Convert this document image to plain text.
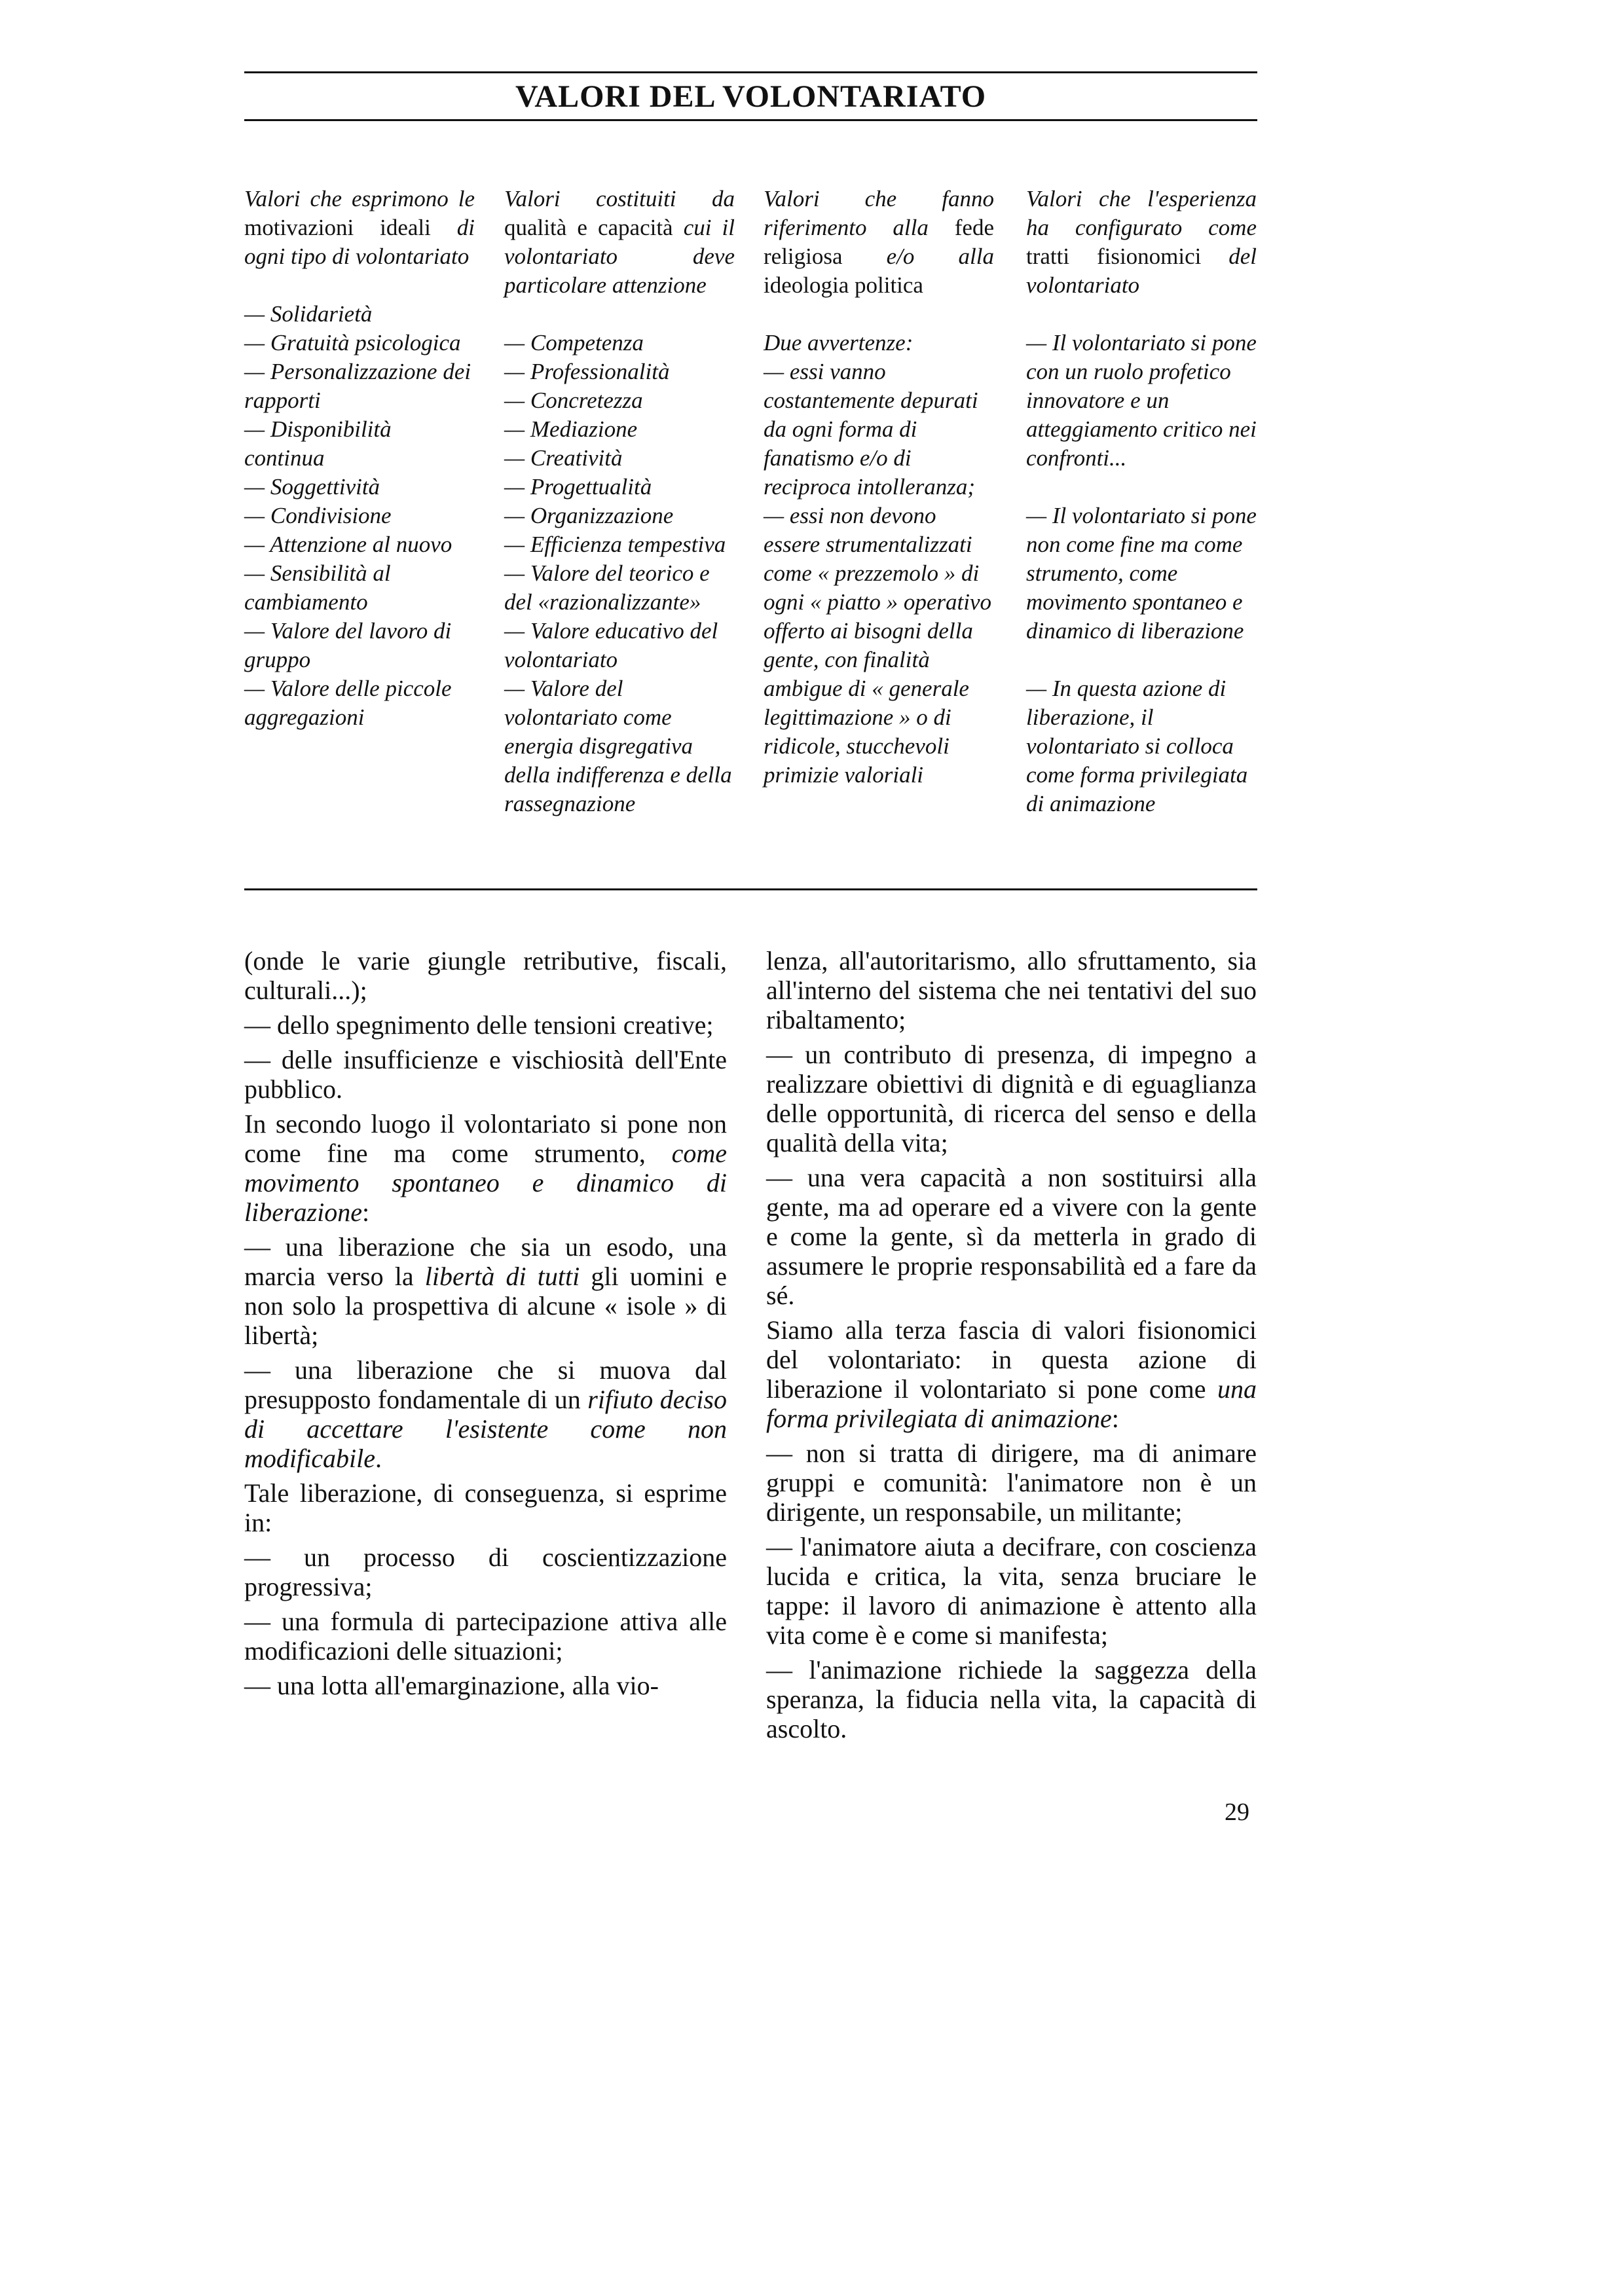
VALORI DEL VOLONTARIATO

Valori che esprimono le motivazioni ideali di ogni tipo di volontariato

— Solidarietà
— Gratuità psicologica
— Personalizzazione dei rapporti
— Disponibilità continua
— Soggettività
— Condivisione
— Attenzione al nuovo
— Sensibilità al cambiamento
— Valore del lavoro di gruppo
— Valore delle piccole aggregazioni

Valori costituiti da qualità e capacità cui il volontariato deve particolare attenzione

— Competenza
— Professionalità
— Concretezza
— Mediazione
— Creatività
— Progettualità
— Organizzazione
— Efficienza tempestiva
— Valore del teorico e del «razionalizzante»
— Valore educativo del volontariato
— Valore del volontariato come energia disgregativa della indifferenza e della rassegnazione

Valori che fanno riferimento alla fede religiosa e/o alla ideologia politica

Due avvertenze:
— essi vanno costantemente depurati da ogni forma di fanatismo e/o di reciproca intolleranza;
— essi non devono essere strumentalizzati come « prezzemolo » di ogni « piatto » operativo offerto ai bisogni della gente, con finalità ambigue di « generale legittimazione » o di ridicole, stucchevoli primizie valoriali

Valori che l'esperienza ha configurato come tratti fisionomici del volontariato

— Il volontariato si pone con un ruolo profetico innovatore e un atteggiamento critico nei confronti...
— Il volontariato si pone non come fine ma come strumento, come movimento spontaneo e dinamico di liberazione
— In questa azione di liberazione, il volontariato si colloca come forma privilegiata di animazione

(onde le varie giungle retributive, fiscali, culturali...);

— dello spegnimento delle tensioni creative;

— delle insufficienze e vischiosità dell'Ente pubblico.

In secondo luogo il volontariato si pone non come fine ma come strumento, come movimento spontaneo e dinamico di liberazione:

— una liberazione che sia un esodo, una marcia verso la libertà di tutti gli uomini e non solo la prospettiva di alcune « isole » di libertà;

— una liberazione che si muova dal presupposto fondamentale di un rifiuto deciso di accettare l'esistente come non modificabile.

Tale liberazione, di conseguenza, si esprime in:

— un processo di coscientizzazione progressiva;

— una formula di partecipazione attiva alle modificazioni delle situazioni;

— una lotta all'emarginazione, alla vio-

lenza, all'autoritarismo, allo sfruttamento, sia all'interno del sistema che nei tentativi del suo ribaltamento;

— un contributo di presenza, di impegno a realizzare obiettivi di dignità e di eguaglianza delle opportunità, di ricerca del senso e della qualità della vita;

— una vera capacità a non sostituirsi alla gente, ma ad operare ed a vivere con la gente e come la gente, sì da metterla in grado di assumere le proprie responsabilità ed a fare da sé.

Siamo alla terza fascia di valori fisionomici del volontariato: in questa azione di liberazione il volontariato si pone come una forma privilegiata di animazione:

— non si tratta di dirigere, ma di animare gruppi e comunità: l'animatore non è un dirigente, un responsabile, un militante;

— l'animatore aiuta a decifrare, con coscienza lucida e critica, la vita, senza bruciare le tappe: il lavoro di animazione è attento alla vita come è e come si manifesta;

— l'animazione richiede la saggezza della speranza, la fiducia nella vita, la capacità di ascolto.

29
